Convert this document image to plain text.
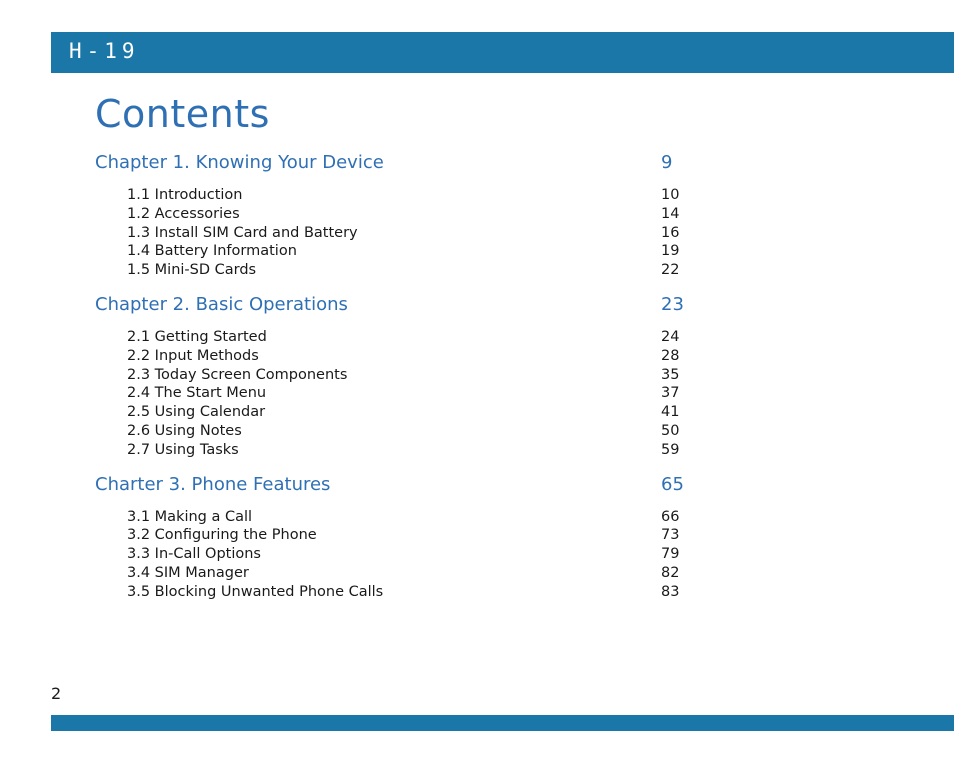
H-19
Contents
Chapter 1. Knowing Your Device	9
1.1 Introduction	10
1.2 Accessories	14
1.3 Install SIM Card and Battery	16
1.4 Battery Information	19
1.5 Mini-SD Cards	22
Chapter 2. Basic Operations	23
2.1 Getting Started	24
2.2 Input Methods	28
2.3 Today Screen Components	35
2.4 The Start Menu	37
2.5 Using Calendar	41
2.6 Using Notes	50
2.7 Using Tasks	59
Charter 3. Phone Features	65
3.1 Making a Call	66
3.2 Configuring the Phone	73
3.3 In-Call Options	79
3.4 SIM Manager	82
3.5 Blocking Unwanted Phone Calls	83
2
